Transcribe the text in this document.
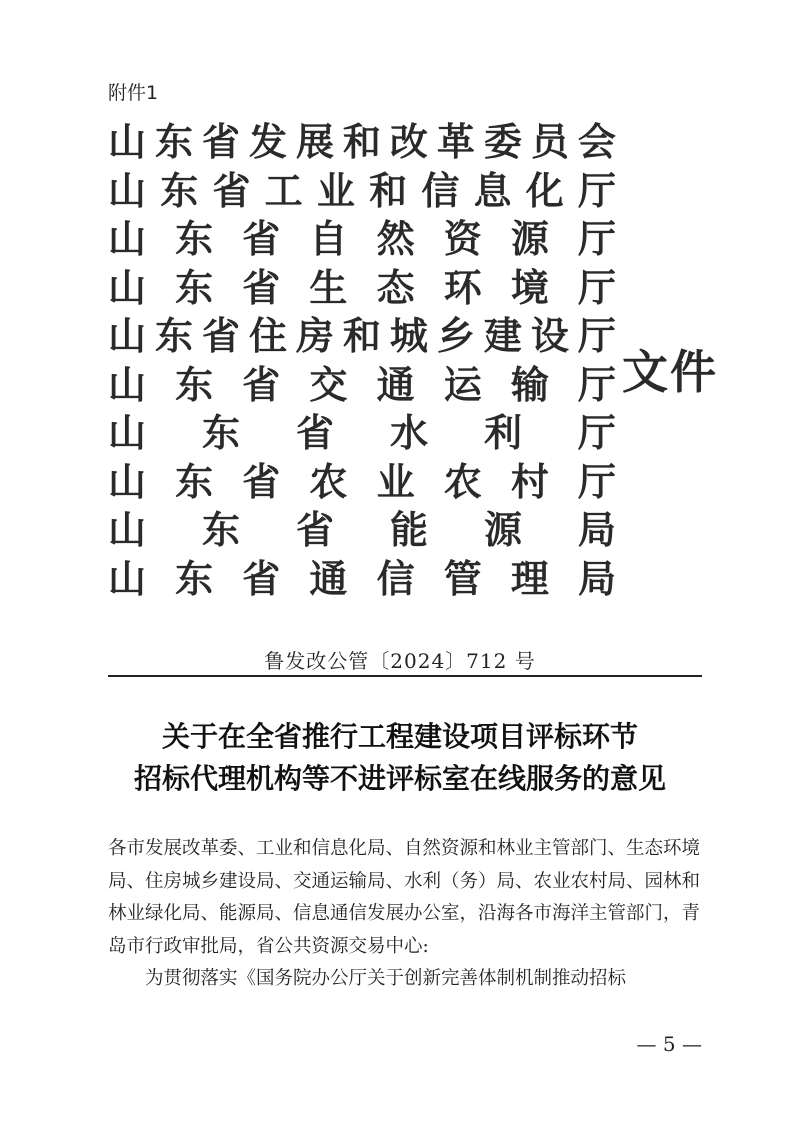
附件1
山 东 省 发 展 和 改 革 委 员 会
山 东 省 工 业 和 信 息 化 厅
山 东 省 自 然 资 源 厅
山 东 省 生 态 环 境 厅
山 东 省 住 房 和 城 乡 建 设 厅
山 东 省 交 通 运 输 厅
山 东 省 水 利 厅
山 东 省 农 业 农 村 厅
山 东 省 能 源 局
山 东 省 通 信 管 理 局
文件
鲁发改公管〔2024〕712 号
关于在全省推行工程建设项目评标环节
招标代理机构等不进评标室在线服务的意见

各市发展改革委、工业和信息化局、自然资源和林业主管部门、生态环境局、住房城乡建设局、交通运输局、水利（务）局、农业农村局、园林和林业绿化局、能源局、信息通信发展办公室，沿海各市海洋主管部门，青岛市行政审批局，省公共资源交易中心:

为贯彻落实《国务院办公厅关于创新完善体制机制推动招标

— 5 —
